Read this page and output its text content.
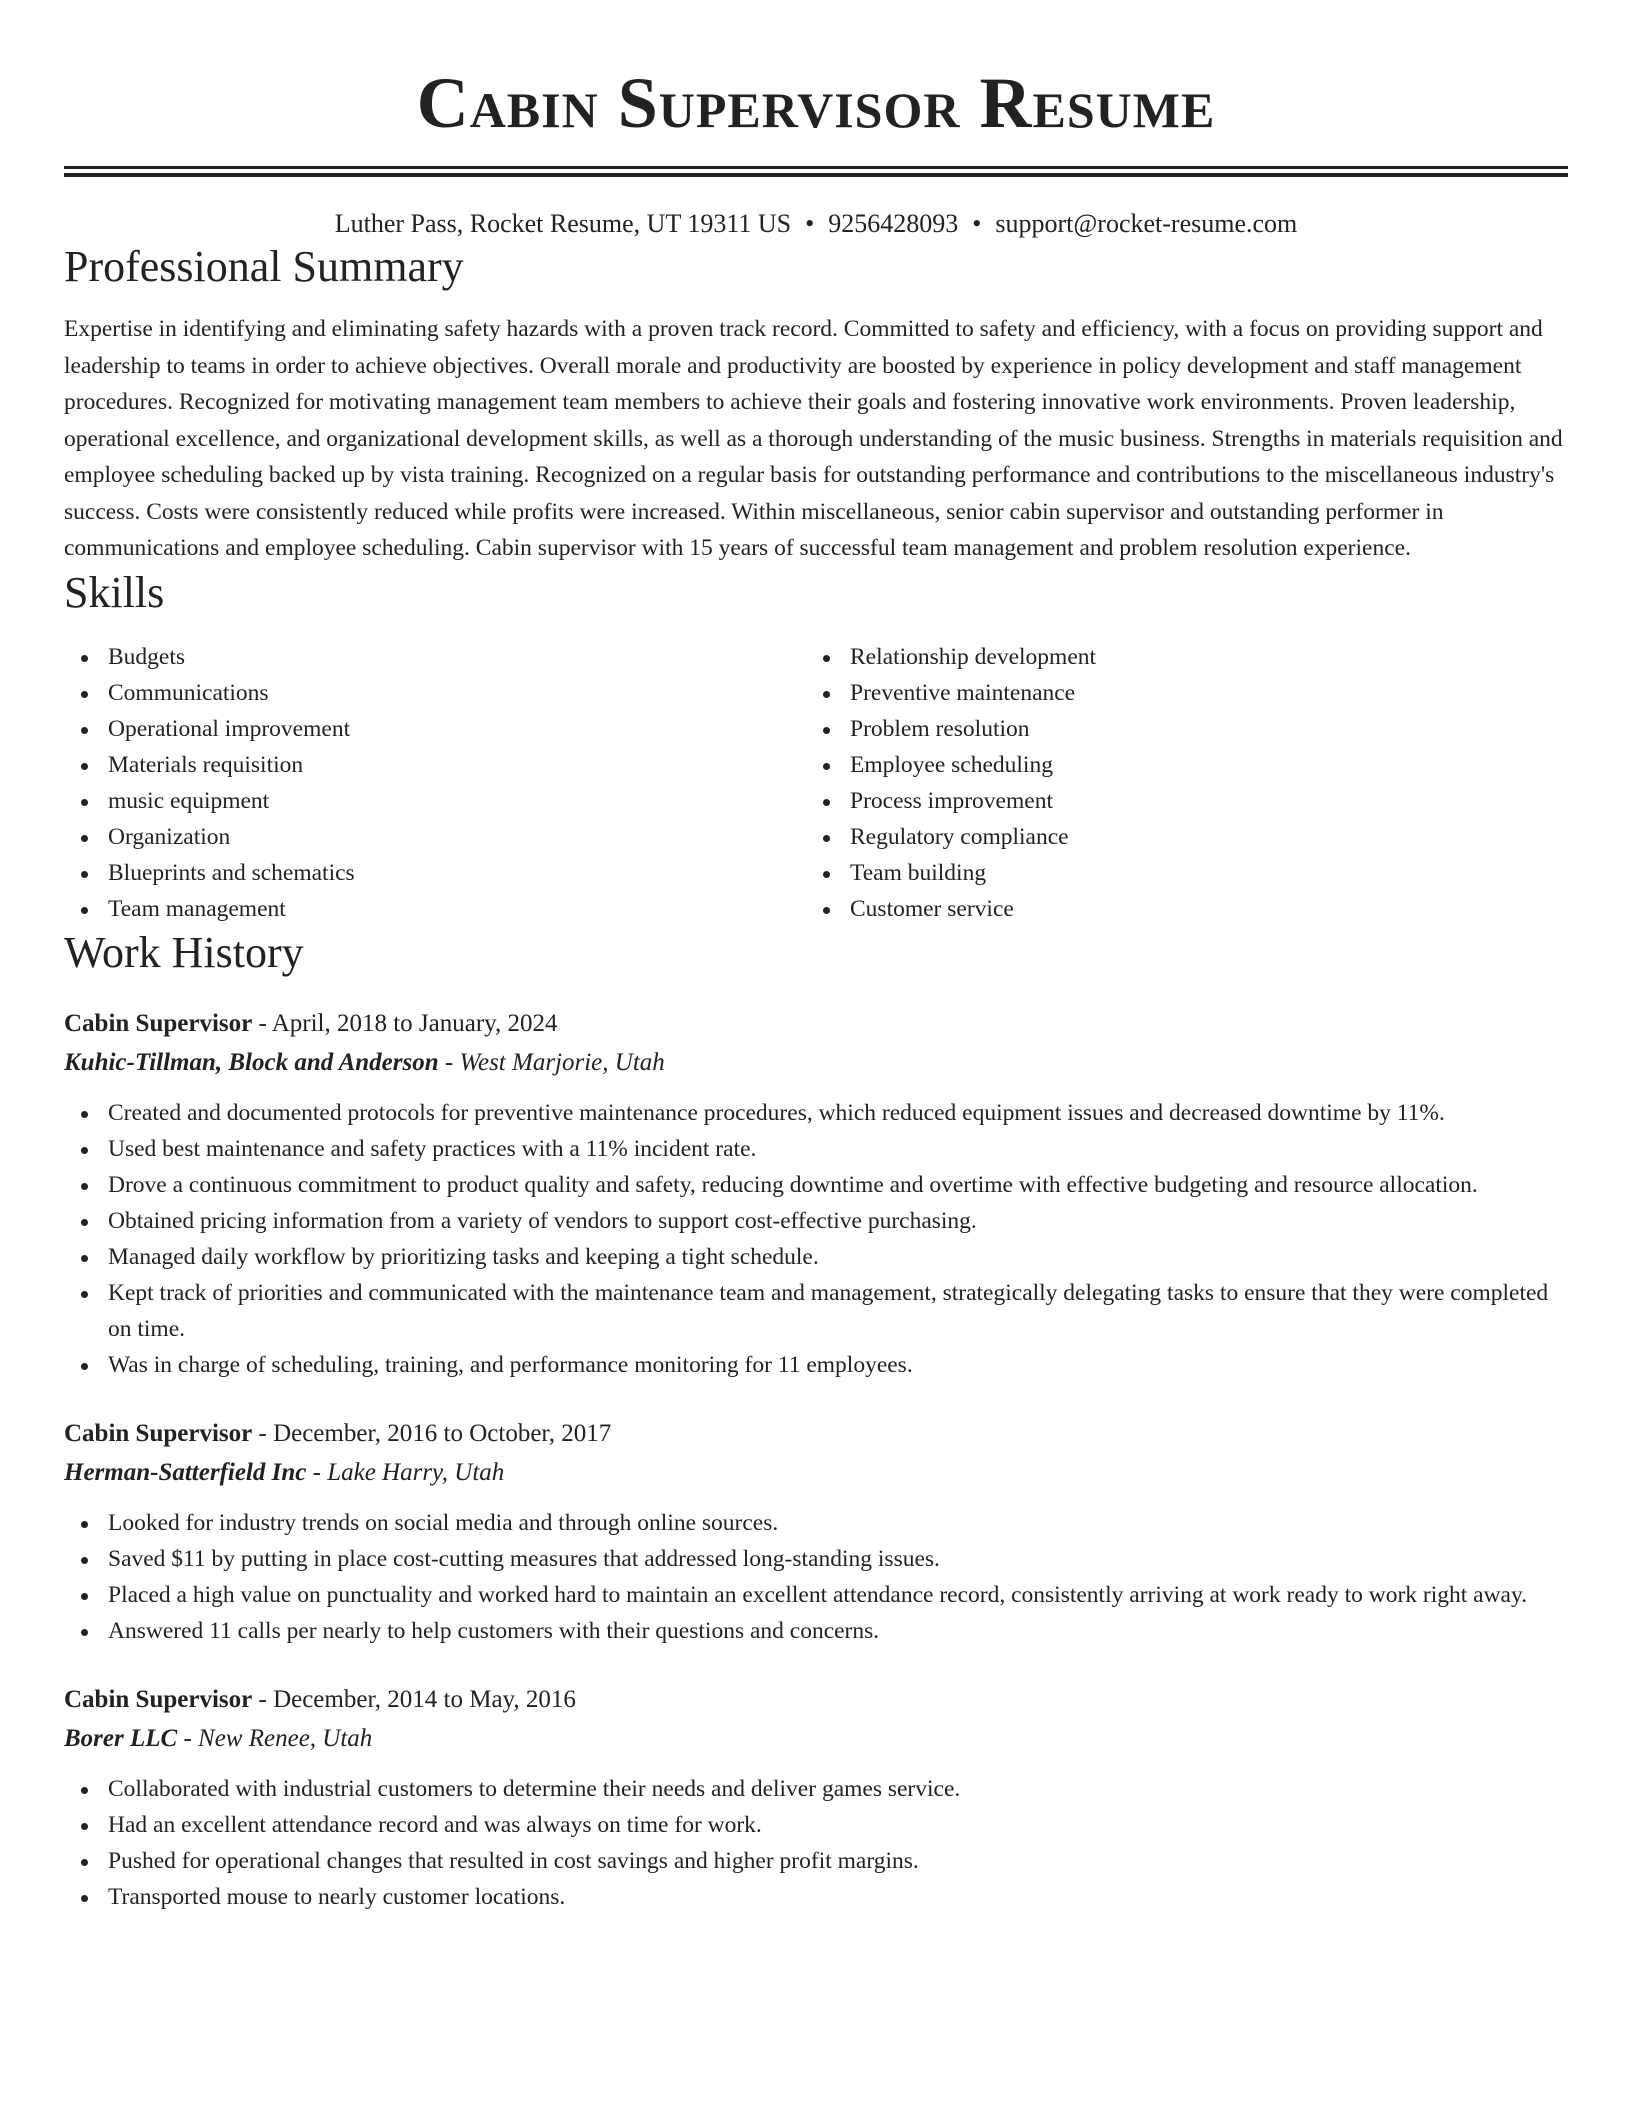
Cabin Supervisor Resume
Luther Pass, Rocket Resume, UT 19311 US • 9256428093 • support@rocket-resume.com
Professional Summary

Expertise in identifying and eliminating safety hazards with a proven track record. Committed to safety and efficiency, with a focus on providing support and leadership to teams in order to achieve objectives. Overall morale and productivity are boosted by experience in policy development and staff management procedures. Recognized for motivating management team members to achieve their goals and fostering innovative work environments. Proven leadership, operational excellence, and organizational development skills, as well as a thorough understanding of the music business. Strengths in materials requisition and employee scheduling backed up by vista training. Recognized on a regular basis for outstanding performance and contributions to the miscellaneous industry's success. Costs were consistently reduced while profits were increased. Within miscellaneous, senior cabin supervisor and outstanding performer in communications and employee scheduling. Cabin supervisor with 15 years of successful team management and problem resolution experience.

Skills
Budgets
Communications
Operational improvement
Materials requisition
music equipment
Organization
Blueprints and schematics
Team management
Relationship development
Preventive maintenance
Problem resolution
Employee scheduling
Process improvement
Regulatory compliance
Team building
Customer service
Work History
Cabin Supervisor - April, 2018 to January, 2024
Kuhic-Tillman, Block and Anderson - West Marjorie, Utah
Created and documented protocols for preventive maintenance procedures, which reduced equipment issues and decreased downtime by 11%.
Used best maintenance and safety practices with a 11% incident rate.
Drove a continuous commitment to product quality and safety, reducing downtime and overtime with effective budgeting and resource allocation.
Obtained pricing information from a variety of vendors to support cost-effective purchasing.
Managed daily workflow by prioritizing tasks and keeping a tight schedule.
Kept track of priorities and communicated with the maintenance team and management, strategically delegating tasks to ensure that they were completed on time.
Was in charge of scheduling, training, and performance monitoring for 11 employees.
Cabin Supervisor - December, 2016 to October, 2017
Herman-Satterfield Inc - Lake Harry, Utah
Looked for industry trends on social media and through online sources.
Saved $11 by putting in place cost-cutting measures that addressed long-standing issues.
Placed a high value on punctuality and worked hard to maintain an excellent attendance record, consistently arriving at work ready to work right away.
Answered 11 calls per nearly to help customers with their questions and concerns.
Cabin Supervisor - December, 2014 to May, 2016
Borer LLC - New Renee, Utah
Collaborated with industrial customers to determine their needs and deliver games service.
Had an excellent attendance record and was always on time for work.
Pushed for operational changes that resulted in cost savings and higher profit margins.
Transported mouse to nearly customer locations.
